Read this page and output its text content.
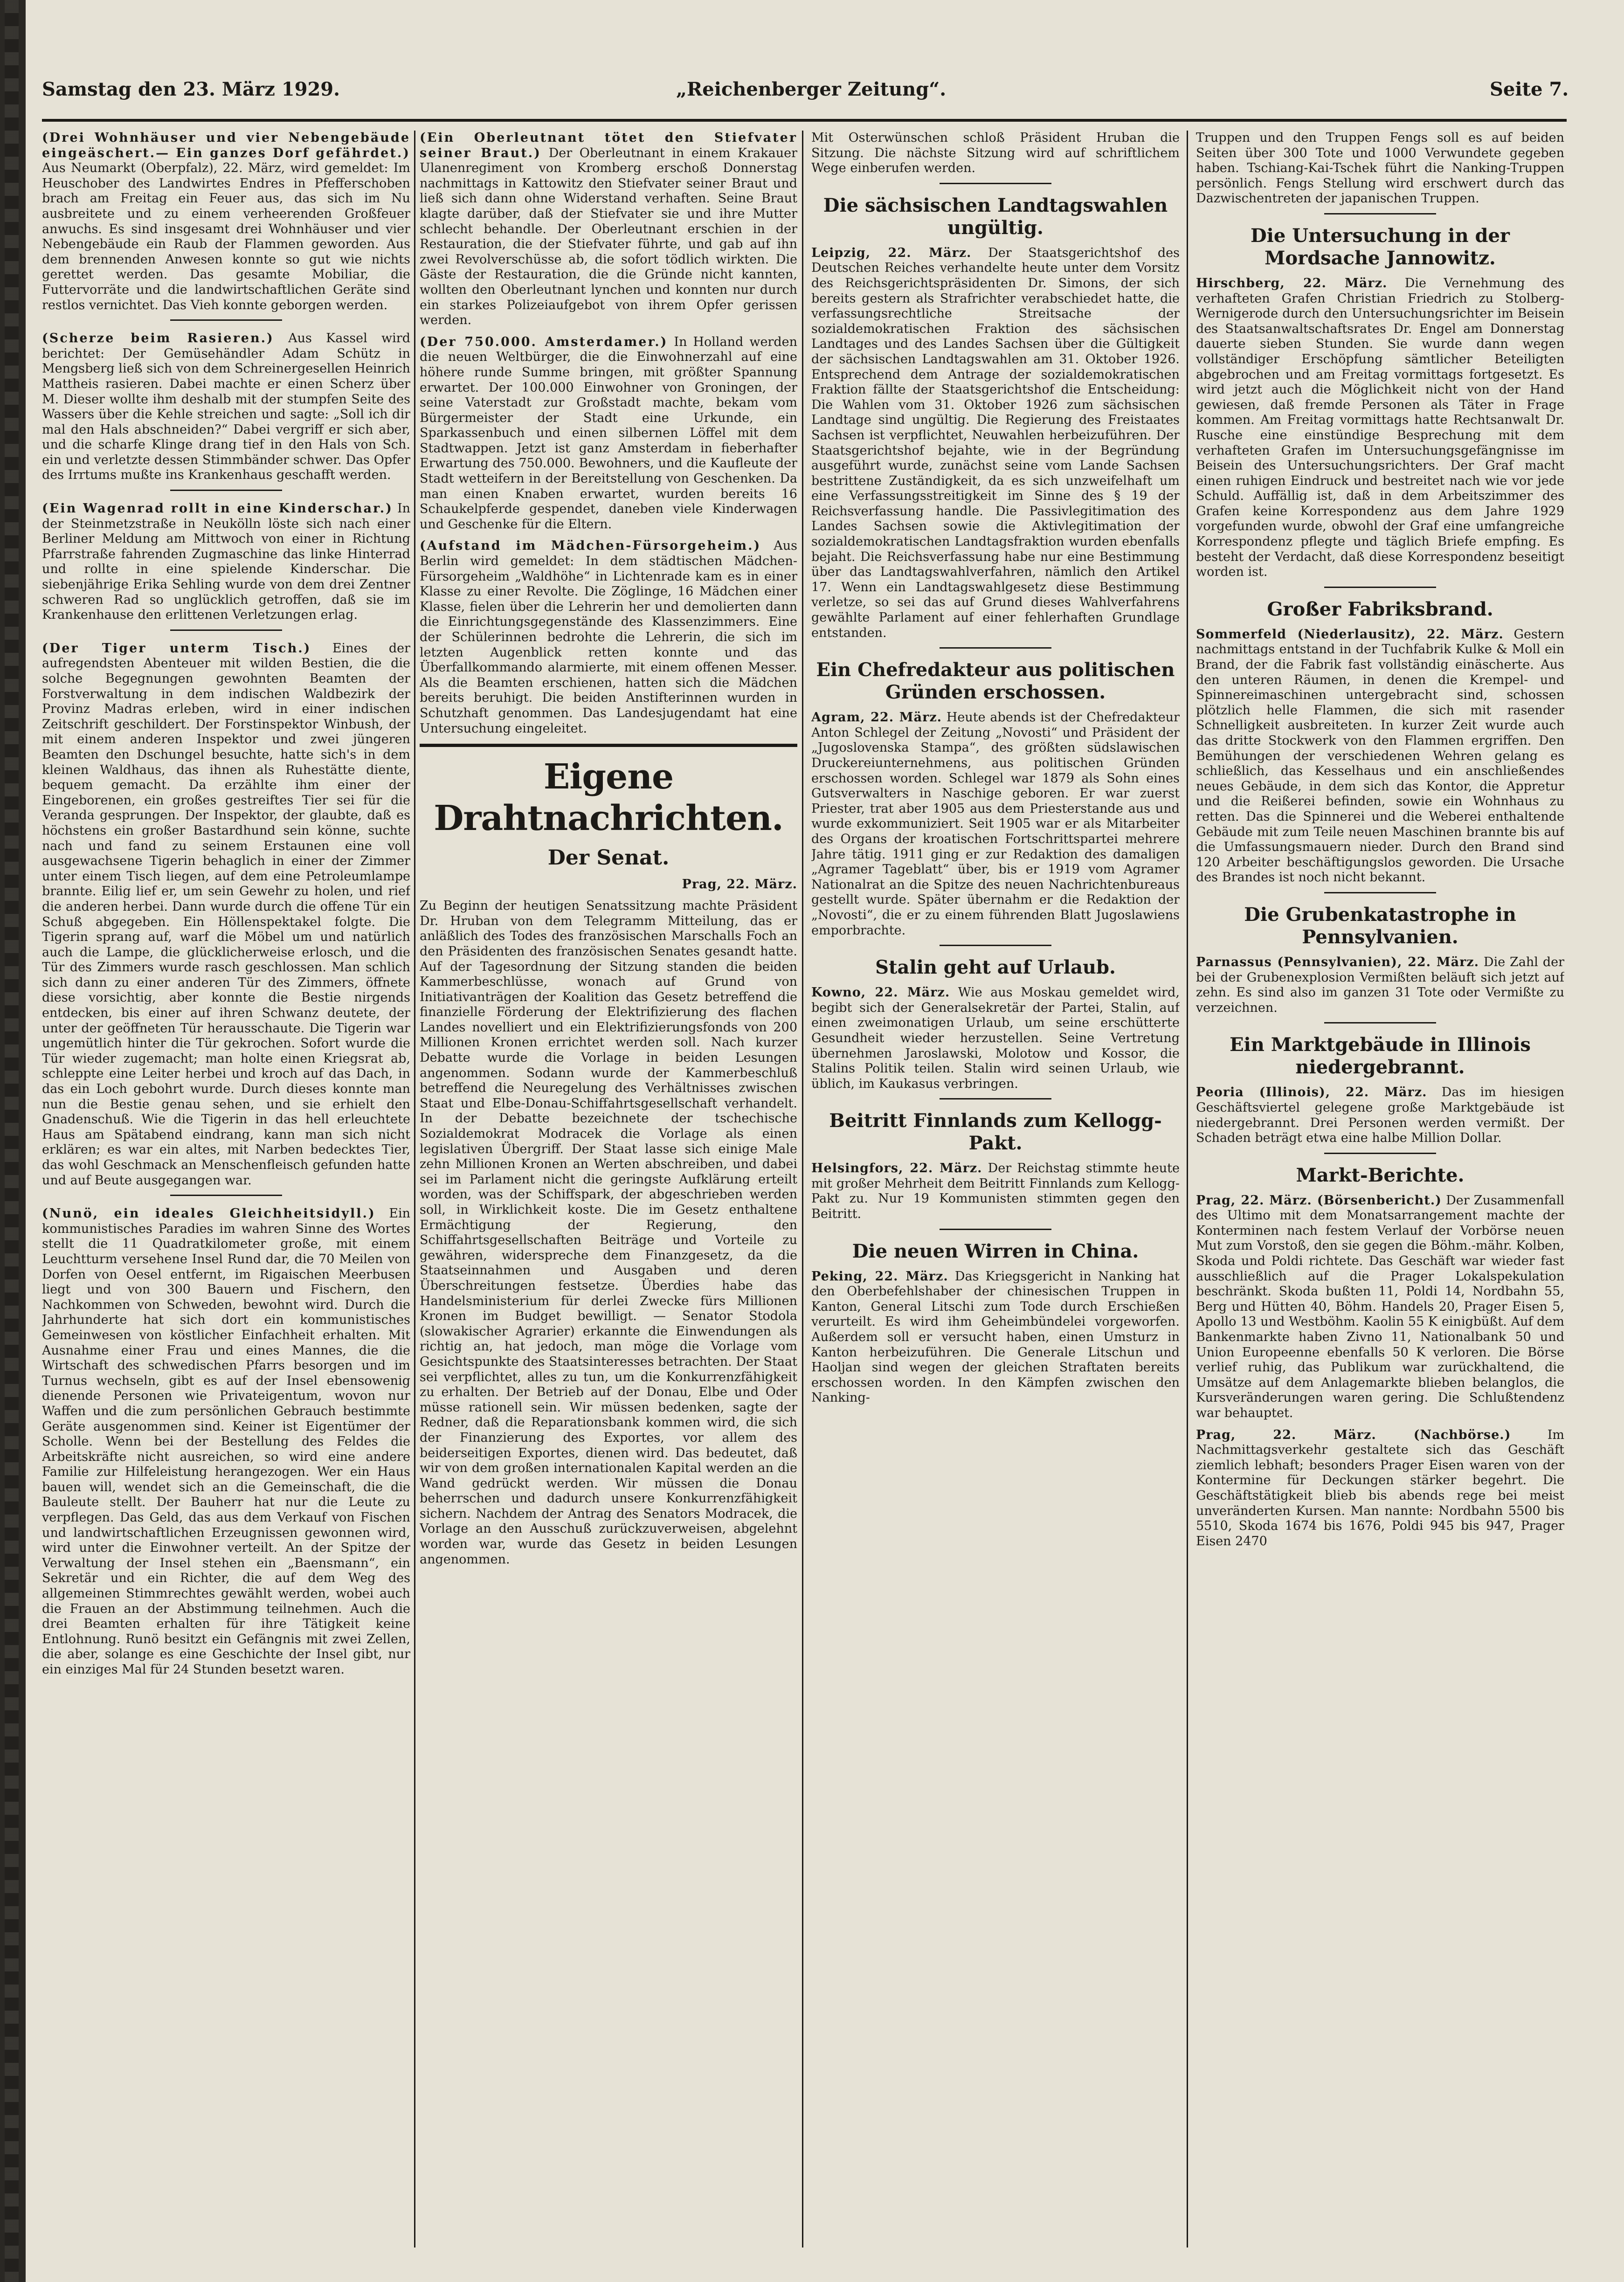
Samstag den 23. März 1929.	„Reichenberger Zeitung“.	Seite 7.

(Drei Wohnhäuser und vier Nebengebäude eingeäschert.— Ein ganzes Dorf gefährdet.) Aus Neumarkt (Oberpfalz), 22. März, wird gemeldet: Im Heuschober des Landwirtes Endres in Pfefferschoben brach am Freitag ein Feuer aus, das sich im Nu ausbreitete und zu einem verheerenden Großfeuer anwuchs. Es sind insgesamt drei Wohnhäuser und vier Nebengebäude ein Raub der Flammen geworden. Aus dem brennenden Anwesen konnte so gut wie nichts gerettet werden. Das gesamte Mobiliar, die Futtervorräte und die landwirtschaftlichen Geräte sind restlos vernichtet. Das Vieh konnte geborgen werden.

(Scherze beim Rasieren.) Aus Kassel wird berichtet: Der Gemüsehändler Adam Schütz in Mengsberg ließ sich von dem Schreinergesellen Heinrich Mattheis rasieren. Dabei machte er einen Scherz über M. Dieser wollte ihm deshalb mit der stumpfen Seite des Wassers über die Kehle streichen und sagte: „Soll ich dir mal den Hals abschneiden?“ Dabei vergriff er sich aber, und die scharfe Klinge drang tief in den Hals von Sch. ein und verletzte dessen Stimmbänder schwer. Das Opfer des Irrtums mußte ins Krankenhaus geschafft werden.

(Ein Wagenrad rollt in eine Kinderschar.) In der Steinmetzstraße in Neukölln löste sich nach einer Berliner Meldung am Mittwoch von einer in Richtung Pfarrstraße fahrenden Zugmaschine das linke Hinterrad und rollte in eine spielende Kinderschar. Die siebenjährige Erika Sehling wurde von dem drei Zentner schweren Rad so unglücklich getroffen, daß sie im Krankenhause den erlittenen Verletzungen erlag.

(Der Tiger unterm Tisch.) Eines der aufregendsten Abenteuer mit wilden Bestien, die die solche Begegnungen gewohnten Beamten der Forstverwaltung in dem indischen Waldbezirk der Provinz Madras erleben, wird in einer indischen Zeitschrift geschildert. Der Forstinspektor Winbush, der mit einem anderen Inspektor und zwei jüngeren Beamten den Dschungel besuchte, hatte sich's in dem kleinen Waldhaus, das ihnen als Ruhestätte diente, bequem gemacht. Da erzählte ihm einer der Eingeborenen, ein großes gestreiftes Tier sei für die Veranda gesprungen. Der Inspektor, der glaubte, daß es höchstens ein großer Bastardhund sein könne, suchte nach und fand zu seinem Erstaunen eine voll ausgewachsene Tigerin behaglich in einer der Zimmer unter einem Tisch liegen, auf dem eine Petroleumlampe brannte. Eilig lief er, um sein Gewehr zu holen, und rief die anderen herbei. Dann wurde durch die offene Tür ein Schuß abgegeben. Ein Höllenspektakel folgte. Die Tigerin sprang auf, warf die Möbel um und natürlich auch die Lampe, die glücklicherweise erlosch, und die Tür des Zimmers wurde rasch geschlossen. Man schlich sich dann zu einer anderen Tür des Zimmers, öffnete diese vorsichtig, aber konnte die Bestie nirgends entdecken, bis einer auf ihren Schwanz deutete, der unter der geöffneten Tür herausschaute. Die Tigerin war ungemütlich hinter die Tür gekrochen. Sofort wurde die Tür wieder zugemacht; man holte einen Kriegsrat ab, schleppte eine Leiter herbei und kroch auf das Dach, in das ein Loch gebohrt wurde. Durch dieses konnte man nun die Bestie genau sehen, und sie erhielt den Gnadenschuß. Wie die Tigerin in das hell erleuchtete Haus am Spätabend eindrang, kann man sich nicht erklären; es war ein altes, mit Narben bedecktes Tier, das wohl Geschmack an Menschenfleisch gefunden hatte und auf Beute ausgegangen war.

(Nunö, ein ideales Gleichheitsidyll.) Ein kommunistisches Paradies im wahren Sinne des Wortes stellt die 11 Quadratkilometer große, mit einem Leuchtturm versehene Insel Rund dar, die 70 Meilen von Dorfen von Oesel entfernt, im Rigaischen Meerbusen liegt und von 300 Bauern und Fischern, den Nachkommen von Schweden, bewohnt wird. Durch die Jahrhunderte hat sich dort ein kommunistisches Gemeinwesen von köstlicher Einfachheit erhalten. Mit Ausnahme einer Frau und eines Mannes, die die Wirtschaft des schwedischen Pfarrs besorgen und im Turnus wechseln, gibt es auf der Insel ebensowenig dienende Personen wie Privateigentum, wovon nur Waffen und die zum persönlichen Gebrauch bestimmte Geräte ausgenommen sind. Keiner ist Eigentümer der Scholle. Wenn bei der Bestellung des Feldes die Arbeitskräfte nicht ausreichen, so wird eine andere Familie zur Hilfeleistung herangezogen. Wer ein Haus bauen will, wendet sich an die Gemeinschaft, die die Bauleute stellt. Der Bauherr hat nur die Leute zu verpflegen. Das Geld, das aus dem Verkauf von Fischen und landwirtschaftlichen Erzeugnissen gewonnen wird, wird unter die Einwohner verteilt. An der Spitze der Verwaltung der Insel stehen ein „Baensmann“, ein Sekretär und ein Richter, die auf dem Weg des allgemeinen Stimmrechtes gewählt werden, wobei auch die Frauen an der Abstimmung teilnehmen. Auch die drei Beamten erhalten für ihre Tätigkeit keine Entlohnung. Runö besitzt ein Gefängnis mit zwei Zellen, die aber, solange es eine Geschichte der Insel gibt, nur ein einziges Mal für 24 Stunden besetzt waren.

(Ein Oberleutnant tötet den Stiefvater seiner Braut.) Der Oberleutnant in einem Krakauer Ulanenregiment von Kromberg erschoß Donnerstag nachmittags in Kattowitz den Stiefvater seiner Braut und ließ sich dann ohne Widerstand verhaften. Seine Braut klagte darüber, daß der Stiefvater sie und ihre Mutter schlecht behandle. Der Oberleutnant erschien in der Restauration, die der Stiefvater führte, und gab auf ihn zwei Revolverschüsse ab, die sofort tödlich wirkten. Die Gäste der Restauration, die die Gründe nicht kannten, wollten den Oberleutnant lynchen und konnten nur durch ein starkes Polizeiaufgebot von ihrem Opfer gerissen werden.

(Der 750.000. Amsterdamer.) In Holland werden die neuen Weltbürger, die die Einwohnerzahl auf eine höhere runde Summe bringen, mit größter Spannung erwartet. Der 100.000 Einwohner von Groningen, der seine Vaterstadt zur Großstadt machte, bekam vom Bürgermeister der Stadt eine Urkunde, ein Sparkassenbuch und einen silbernen Löffel mit dem Stadtwappen. Jetzt ist ganz Amsterdam in fieberhafter Erwartung des 750.000. Bewohners, und die Kaufleute der Stadt wetteifern in der Bereitstellung von Geschenken. Da man einen Knaben erwartet, wurden bereits 16 Schaukelpferde gespendet, daneben viele Kinderwagen und Geschenke für die Eltern.

(Aufstand im Mädchen-Fürsorgeheim.) Aus Berlin wird gemeldet: In dem städtischen Mädchen-Fürsorgeheim „Waldhöhe“ in Lichtenrade kam es in einer Klasse zu einer Revolte. Die Zöglinge, 16 Mädchen einer Klasse, fielen über die Lehrerin her und demolierten dann die Einrichtungsgegenstände des Klassenzimmers. Eine der Schülerinnen bedrohte die Lehrerin, die sich im letzten Augenblick retten konnte und das Überfallkommando alarmierte, mit einem offenen Messer. Als die Beamten erschienen, hatten sich die Mädchen bereits beruhigt. Die beiden Anstifterinnen wurden in Schutzhaft genommen. Das Landesjugendamt hat eine Untersuchung eingeleitet.

Eigene Drahtnachrichten.
Der Senat.

Prag, 22. März.

Zu Beginn der heutigen Senatssitzung machte Präsident Dr. Hruban von dem Telegramm Mitteilung, das er anläßlich des Todes des französischen Marschalls Foch an den Präsidenten des französischen Senates gesandt hatte. Auf der Tagesordnung der Sitzung standen die beiden Kammerbeschlüsse, wonach auf Grund von Initiativanträgen der Koalition das Gesetz betreffend die finanzielle Förderung der Elektrifizierung des flachen Landes novelliert und ein Elektrifizierungsfonds von 200 Millionen Kronen errichtet werden soll. Nach kurzer Debatte wurde die Vorlage in beiden Lesungen angenommen. Sodann wurde der Kammerbeschluß betreffend die Neuregelung des Verhältnisses zwischen Staat und Elbe-Donau-Schiffahrtsgesellschaft verhandelt. In der Debatte bezeichnete der tschechische Sozialdemokrat Modracek die Vorlage als einen legislativen Übergriff. Der Staat lasse sich einige Male zehn Millionen Kronen an Werten abschreiben, und dabei sei im Parlament nicht die geringste Aufklärung erteilt worden, was der Schiffspark, der abgeschrieben werden soll, in Wirklichkeit koste. Die im Gesetz enthaltene Ermächtigung der Regierung, den Schiffahrtsgesellschaften Beiträge und Vorteile zu gewähren, widerspreche dem Finanzgesetz, da die Staatseinnahmen und Ausgaben und deren Überschreitungen festsetze. Überdies habe das Handelsministerium für derlei Zwecke fürs Millionen Kronen im Budget bewilligt. — Senator Stodola (slowakischer Agrarier) erkannte die Einwendungen als richtig an, hat jedoch, man möge die Vorlage vom Gesichtspunkte des Staatsinteresses betrachten. Der Staat sei verpflichtet, alles zu tun, um die Konkurrenzfähigkeit zu erhalten. Der Betrieb auf der Donau, Elbe und Oder müsse rationell sein. Wir müssen bedenken, sagte der Redner, daß die Reparationsbank kommen wird, die sich der Finanzierung des Exportes, vor allem des beiderseitigen Exportes, dienen wird. Das bedeutet, daß wir von dem großen internationalen Kapital werden an die Wand gedrückt werden. Wir müssen die Donau beherrschen und dadurch unsere Konkurrenzfähigkeit sichern. Nachdem der Antrag des Senators Modracek, die Vorlage an den Ausschuß zurückzuverweisen, abgelehnt worden war, wurde das Gesetz in beiden Lesungen angenommen.

Mit Osterwünschen schloß Präsident Hruban die Sitzung. Die nächste Sitzung wird auf schriftlichem Wege einberufen werden.

Die sächsischen Landtagswahlen ungültig.

Leipzig, 22. März. Der Staatsgerichtshof des Deutschen Reiches verhandelte heute unter dem Vorsitz des Reichsgerichtspräsidenten Dr. Simons, der sich bereits gestern als Strafrichter verabschiedet hatte, die verfassungsrechtliche Streitsache der sozialdemokratischen Fraktion des sächsischen Landtages und des Landes Sachsen über die Gültigkeit der sächsischen Landtagswahlen am 31. Oktober 1926. Entsprechend dem Antrage der sozialdemokratischen Fraktion fällte der Staatsgerichtshof die Entscheidung: Die Wahlen vom 31. Oktober 1926 zum sächsischen Landtage sind ungültig. Die Regierung des Freistaates Sachsen ist verpflichtet, Neuwahlen herbeizuführen. Der Staatsgerichtshof bejahte, wie in der Begründung ausgeführt wurde, zunächst seine vom Lande Sachsen bestrittene Zuständigkeit, da es sich unzweifelhaft um eine Verfassungsstreitigkeit im Sinne des § 19 der Reichsverfassung handle. Die Passivlegitimation des Landes Sachsen sowie die Aktivlegitimation der sozialdemokratischen Landtagsfraktion wurden ebenfalls bejaht. Die Reichsverfassung habe nur eine Bestimmung über das Landtagswahlverfahren, nämlich den Artikel 17. Wenn ein Landtagswahlgesetz diese Bestimmung verletze, so sei das auf Grund dieses Wahlverfahrens gewählte Parlament auf einer fehlerhaften Grundlage entstanden.

Ein Chefredakteur aus politischen Gründen erschossen.

Agram, 22. März. Heute abends ist der Chefredakteur Anton Schlegel der Zeitung „Novosti“ und Präsident der „Jugoslovenska Stampa“, des größten südslawischen Druckereiunternehmens, aus politischen Gründen erschossen worden. Schlegel war 1879 als Sohn eines Gutsverwalters in Naschige geboren. Er war zuerst Priester, trat aber 1905 aus dem Priesterstande aus und wurde exkommuniziert. Seit 1905 war er als Mitarbeiter des Organs der kroatischen Fortschrittspartei mehrere Jahre tätig. 1911 ging er zur Redaktion des damaligen „Agramer Tageblatt“ über, bis er 1919 vom Agramer Nationalrat an die Spitze des neuen Nachrichtenbureaus gestellt wurde. Später übernahm er die Redaktion der „Novosti“, die er zu einem führenden Blatt Jugoslawiens emporbrachte.

Stalin geht auf Urlaub.

Kowno, 22. März. Wie aus Moskau gemeldet wird, begibt sich der Generalsekretär der Partei, Stalin, auf einen zweimonatigen Urlaub, um seine erschütterte Gesundheit wieder herzustellen. Seine Vertretung übernehmen Jaroslawski, Molotow und Kossor, die Stalins Politik teilen. Stalin wird seinen Urlaub, wie üblich, im Kaukasus verbringen.

Beitritt Finnlands zum Kellogg-Pakt.

Helsingfors, 22. März. Der Reichstag stimmte heute mit großer Mehrheit dem Beitritt Finnlands zum Kellogg-Pakt zu. Nur 19 Kommunisten stimmten gegen den Beitritt.

Die neuen Wirren in China.

Peking, 22. März. Das Kriegsgericht in Nanking hat den Oberbefehlshaber der chinesischen Truppen in Kanton, General Litschi zum Tode durch Erschießen verurteilt. Es wird ihm Geheimbündelei vorgeworfen. Außerdem soll er versucht haben, einen Umsturz in Kanton herbeizuführen. Die Generale Litschun und Haoljan sind wegen der gleichen Straftaten bereits erschossen worden. In den Kämpfen zwischen den Nanking-

Truppen und den Truppen Fengs soll es auf beiden Seiten über 300 Tote und 1000 Verwundete gegeben haben. Tschiang-Kai-Tschek führt die Nanking-Truppen persönlich. Fengs Stellung wird erschwert durch das Dazwischentreten der japanischen Truppen.

Die Untersuchung in der Mordsache Jannowitz.

Hirschberg, 22. März. Die Vernehmung des verhafteten Grafen Christian Friedrich zu Stolberg-Wernigerode durch den Untersuchungsrichter im Beisein des Staatsanwaltschaftsrates Dr. Engel am Donnerstag dauerte sieben Stunden. Sie wurde dann wegen vollständiger Erschöpfung sämtlicher Beteiligten abgebrochen und am Freitag vormittags fortgesetzt. Es wird jetzt auch die Möglichkeit nicht von der Hand gewiesen, daß fremde Personen als Täter in Frage kommen. Am Freitag vormittags hatte Rechtsanwalt Dr. Rusche eine einstündige Besprechung mit dem verhafteten Grafen im Untersuchungsgefängnisse im Beisein des Untersuchungsrichters. Der Graf macht einen ruhigen Eindruck und bestreitet nach wie vor jede Schuld. Auffällig ist, daß in dem Arbeitszimmer des Grafen keine Korrespondenz aus dem Jahre 1929 vorgefunden wurde, obwohl der Graf eine umfangreiche Korrespondenz pflegte und täglich Briefe empfing. Es besteht der Verdacht, daß diese Korrespondenz beseitigt worden ist.

Großer Fabriksbrand.

Sommerfeld (Niederlausitz), 22. März. Gestern nachmittags entstand in der Tuchfabrik Kulke & Moll ein Brand, der die Fabrik fast vollständig einäscherte. Aus den unteren Räumen, in denen die Krempel- und Spinnereimaschinen untergebracht sind, schossen plötzlich helle Flammen, die sich mit rasender Schnelligkeit ausbreiteten. In kurzer Zeit wurde auch das dritte Stockwerk von den Flammen ergriffen. Den Bemühungen der verschiedenen Wehren gelang es schließlich, das Kesselhaus und ein anschließendes neues Gebäude, in dem sich das Kontor, die Appretur und die Reißerei befinden, sowie ein Wohnhaus zu retten. Das die Spinnerei und die Weberei enthaltende Gebäude mit zum Teile neuen Maschinen brannte bis auf die Umfassungsmauern nieder. Durch den Brand sind 120 Arbeiter beschäftigungslos geworden. Die Ursache des Brandes ist noch nicht bekannt.

Die Grubenkatastrophe in Pennsylvanien.

Parnassus (Pennsylvanien), 22. März. Die Zahl der bei der Grubenexplosion Vermißten beläuft sich jetzt auf zehn. Es sind also im ganzen 31 Tote oder Vermißte zu verzeichnen.

Ein Marktgebäude in Illinois niedergebrannt.

Peoria (Illinois), 22. März. Das im hiesigen Geschäftsviertel gelegene große Marktgebäude ist niedergebrannt. Drei Personen werden vermißt. Der Schaden beträgt etwa eine halbe Million Dollar.

Markt-Berichte.

Prag, 22. März. (Börsenbericht.) Der Zusammenfall des Ultimo mit dem Monatsarrangement machte der Konterminen nach festem Verlauf der Vorbörse neuen Mut zum Vorstoß, den sie gegen die Böhm.-mähr. Kolben, Skoda und Poldi richtete. Das Geschäft war wieder fast ausschließlich auf die Prager Lokalspekulation beschränkt. Skoda bußten 11, Poldi 14, Nordbahn 55, Berg und Hütten 40, Böhm. Handels 20, Prager Eisen 5, Apollo 13 und Westböhm. Kaolin 55 K einigbüßt. Auf dem Bankenmarkte haben Zivno 11, Nationalbank 50 und Union Europeenne ebenfalls 50 K verloren. Die Börse verlief ruhig, das Publikum war zurückhaltend, die Umsätze auf dem Anlagemarkte blieben belanglos, die Kursveränderungen waren gering. Die Schlußtendenz war behauptet.

Prag, 22. März. (Nachbörse.)	Im Nachmittagsverkehr gestaltete sich das Geschäft ziemlich lebhaft; besonders Prager Eisen waren von der Kontermine für Deckungen stärker begehrt. Die Geschäftstätigkeit blieb bis abends rege bei meist unveränderten Kursen. Man nannte: Nordbahn 5500 bis 5510, Skoda 1674 bis 1676, Poldi 945 bis 947, Prager Eisen 2470
